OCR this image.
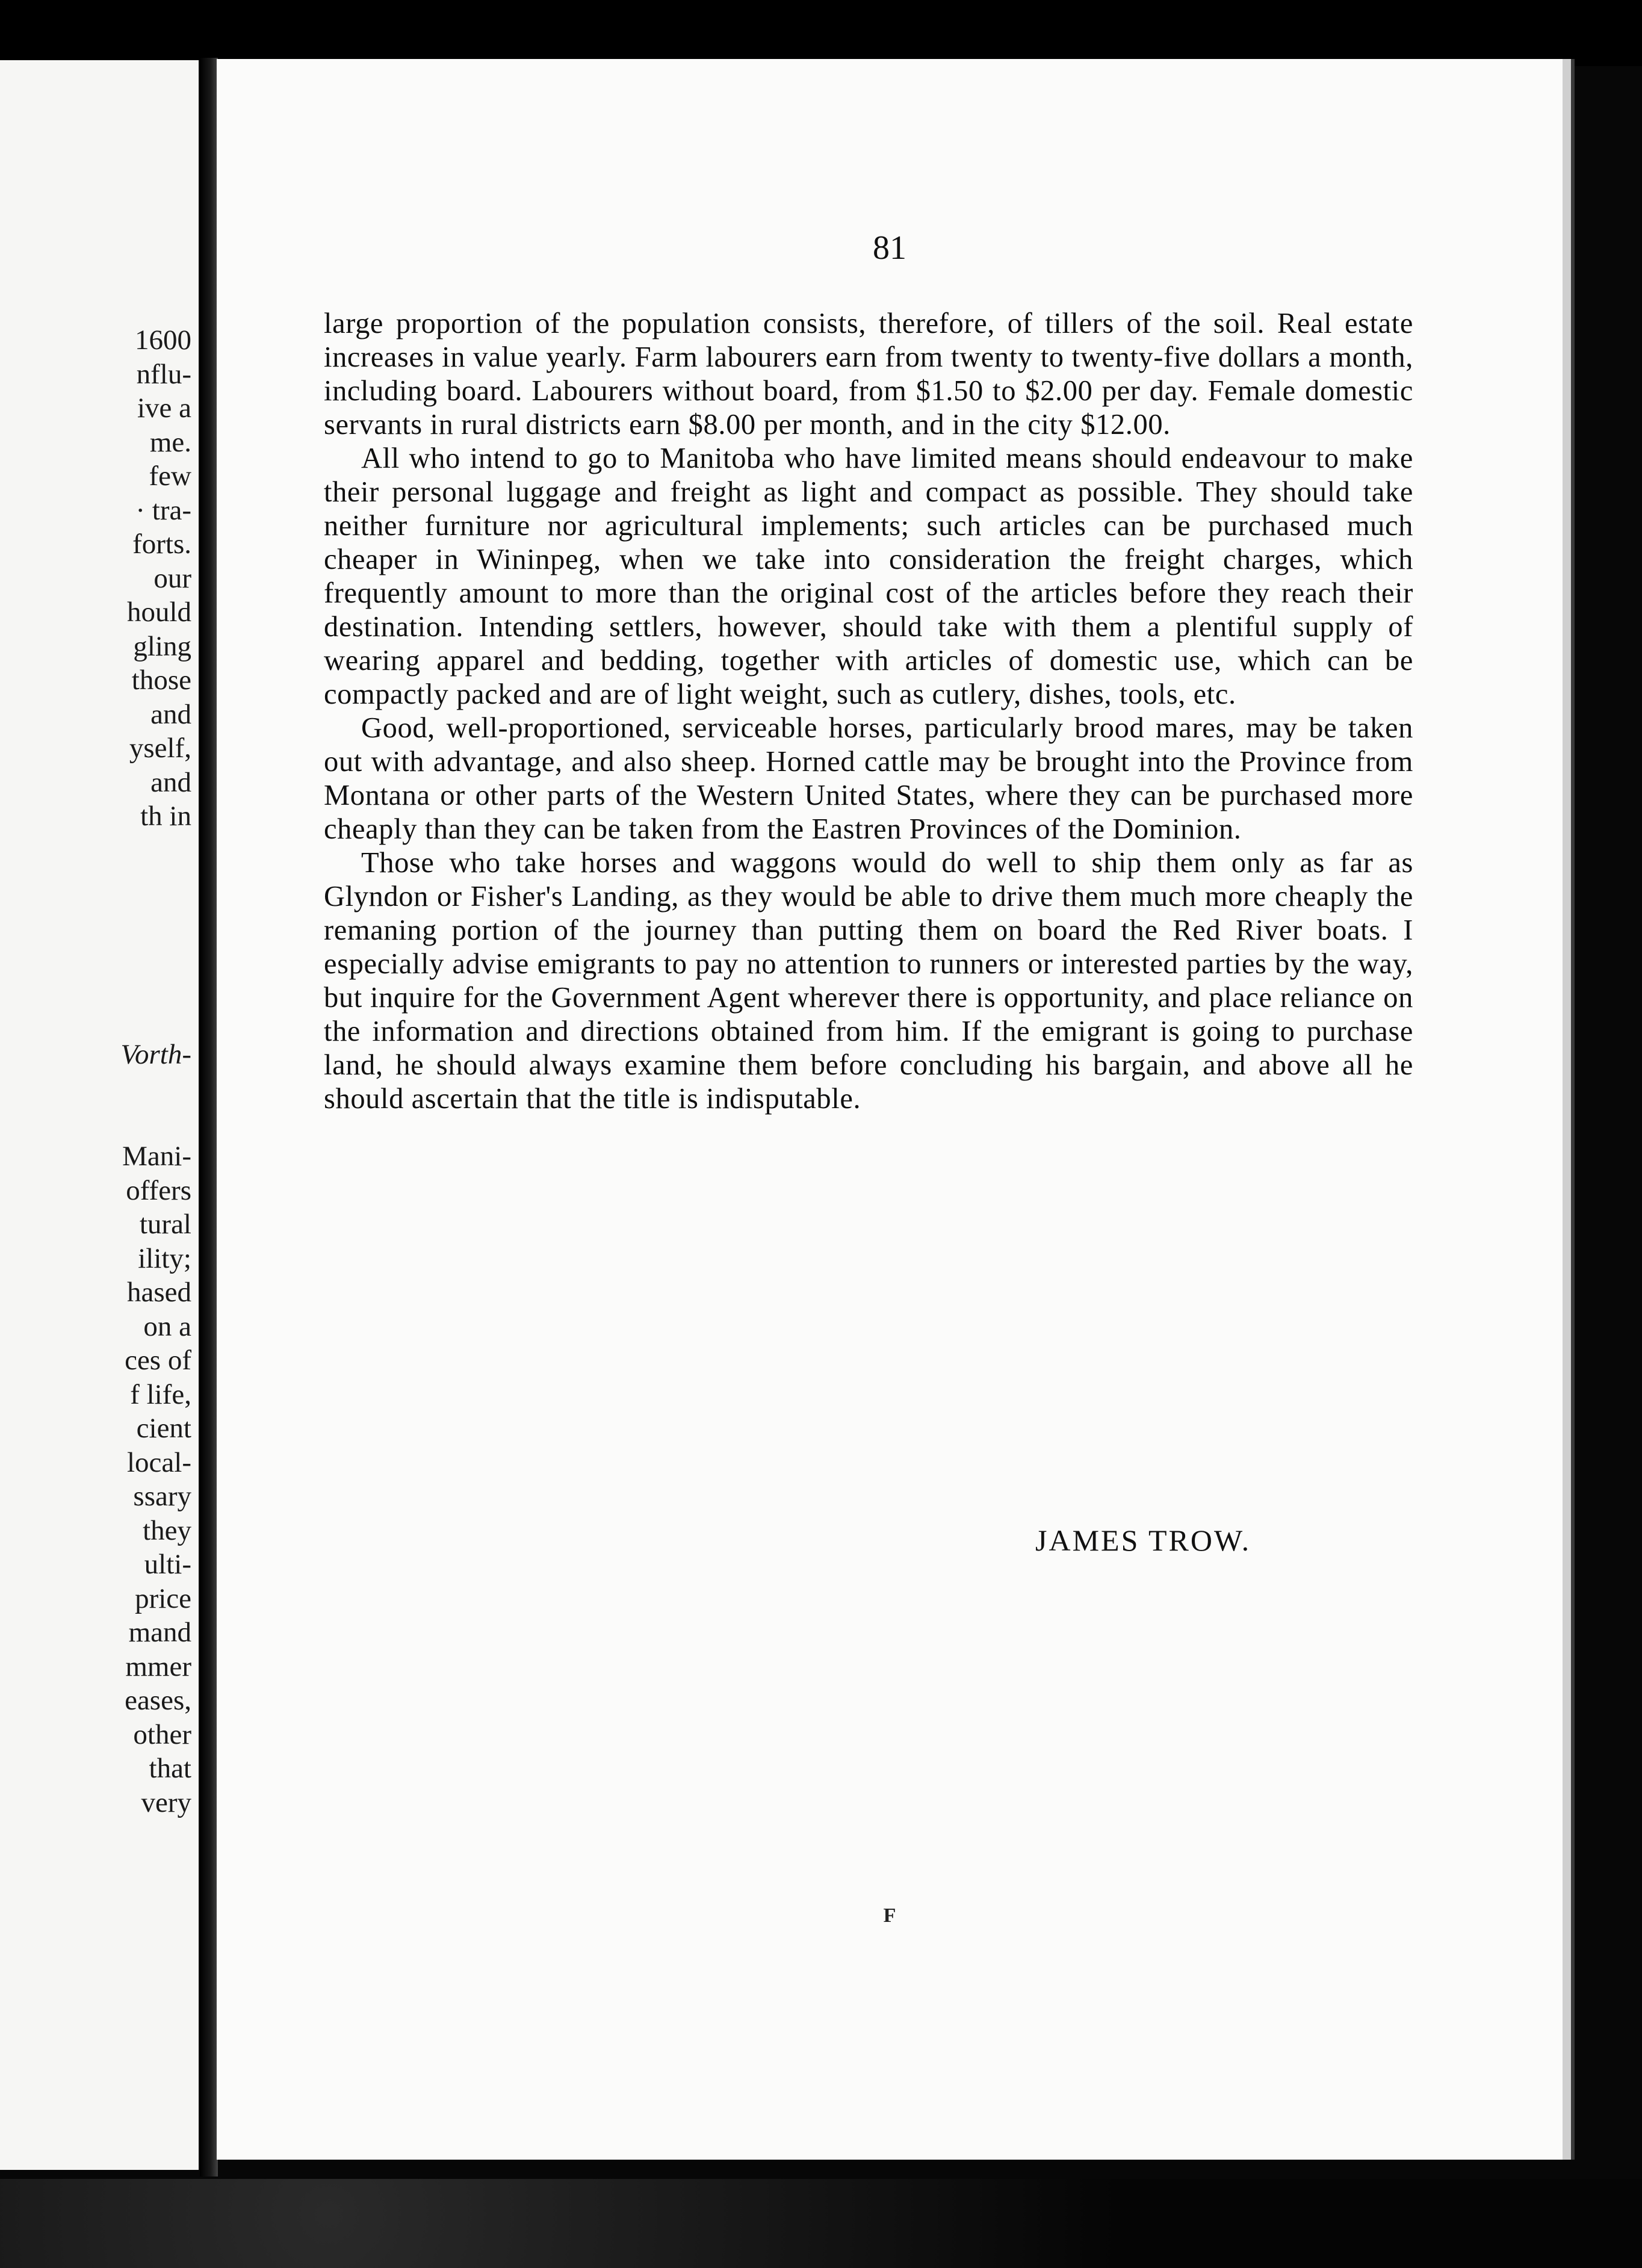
1600
nflu-
ive a
me.
few
· tra-
forts.
our
hould
gling
those
and
yself,
and
th in
Vorth-
Mani-
offers
tural
ility;
hased
on a
ces of
f life,
cient
local-
ssary
they
ulti-
price
mand
mmer
eases,
other
that
very
81

large proportion of the population consists, therefore, of tillers of the soil. Real estate increases in value yearly. Farm labourers earn from twenty to twenty-five dollars a month, including board. Labourers without board, from $1.50 to $2.00 per day. Female domestic servants in rural districts earn $8.00 per month, and in the city $12.00.

All who intend to go to Manitoba who have limited means should endeavour to make their personal luggage and freight as light and compact as possible. They should take neither furniture nor agricultural implements; such articles can be purchased much cheaper in Wininpeg, when we take into consideration the freight charges, which frequently amount to more than the original cost of the articles before they reach their destination. Intending settlers, however, should take with them a plentiful supply of wearing apparel and bedding, together with articles of domestic use, which can be compactly packed and are of light weight, such as cutlery, dishes, tools, etc.

Good, well-proportioned, serviceable horses, particularly brood mares, may be taken out with advantage, and also sheep. Horned cattle may be brought into the Province from Montana or other parts of the Western United States, where they can be purchased more cheaply than they can be taken from the Eastren Provinces of the Dominion.

Those who take horses and waggons would do well to ship them only as far as Glyndon or Fisher's Landing, as they would be able to drive them much more cheaply the remaning portion of the journey than putting them on board the Red River boats. I especially advise emigrants to pay no attention to runners or interested parties by the way, but inquire for the Government Agent wherever there is opportunity, and place reliance on the information and directions obtained from him. If the emigrant is going to purchase land, he should always examine them before concluding his bargain, and above all he should ascertain that the title is indisputable.

JAMES TROW.
F
